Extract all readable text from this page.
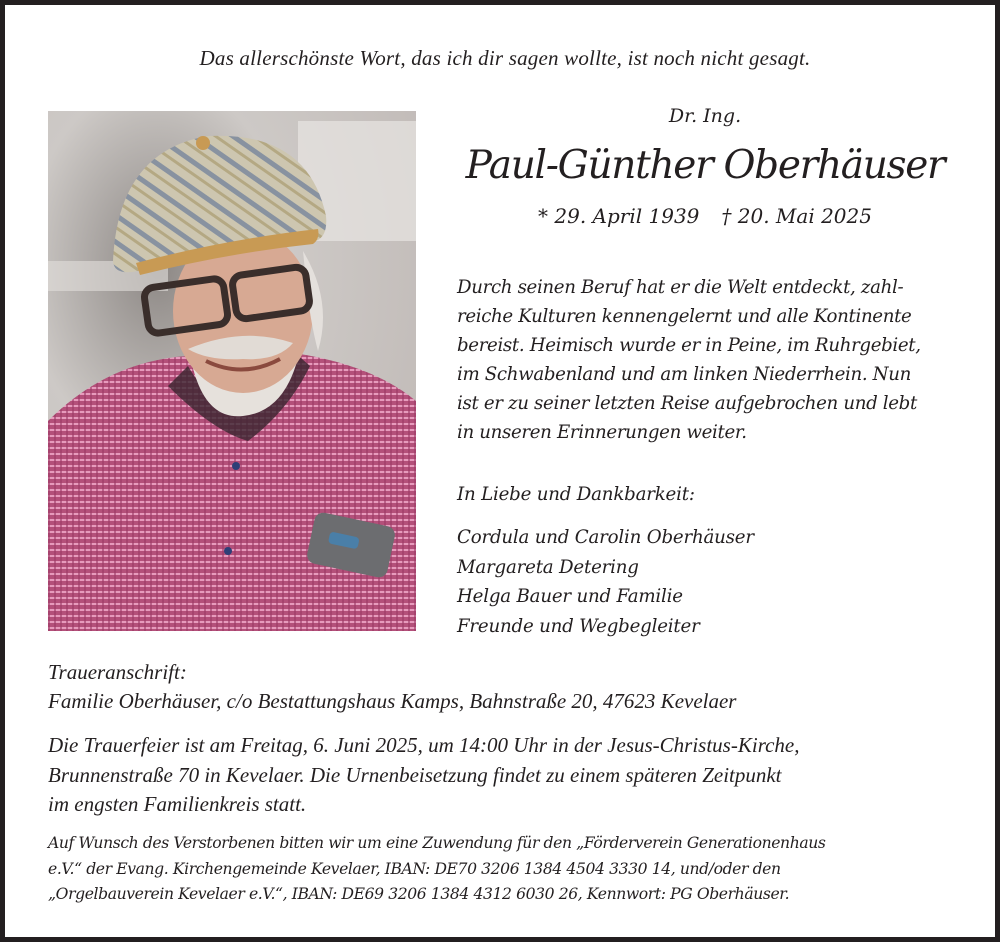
Das allerschönste Wort, das ich dir sagen wollte, ist noch nicht gesagt.
Dr. Ing.
Paul-Günther Oberhäuser
* 29. April 1939 † 20. Mai 2025
Durch seinen Beruf hat er die Welt entdeckt, zahl-
reiche Kulturen kennengelernt und alle Kontinente
bereist. Heimisch wurde er in Peine, im Ruhrgebiet,
im Schwabenland und am linken Niederrhein. Nun
ist er zu seiner letzten Reise aufgebrochen und lebt
in unseren Erinnerungen weiter.
In Liebe und Dankbarkeit:
Cordula und Carolin Oberhäuser
Margareta Detering
Helga Bauer und Familie
Freunde und Wegbegleiter
Traueranschrift:
Familie Oberhäuser, c/o Bestattungshaus Kamps, Bahnstraße 20, 47623 Kevelaer
Die Trauerfeier ist am Freitag, 6. Juni 2025, um 14:00 Uhr in der Jesus-Christus-Kirche,
Brunnenstraße 70 in Kevelaer. Die Urnenbeisetzung findet zu einem späteren Zeitpunkt
im engsten Familienkreis statt.
Auf Wunsch des Verstorbenen bitten wir um eine Zuwendung für den „Förderverein Generationenhaus
e.V.“ der Evang. Kirchengemeinde Kevelaer, IBAN: DE70 3206 1384 4504 3330 14, und/oder den
„Orgelbauverein Kevelaer e.V.“, IBAN: DE69 3206 1384 4312 6030 26, Kennwort: PG Oberhäuser.
